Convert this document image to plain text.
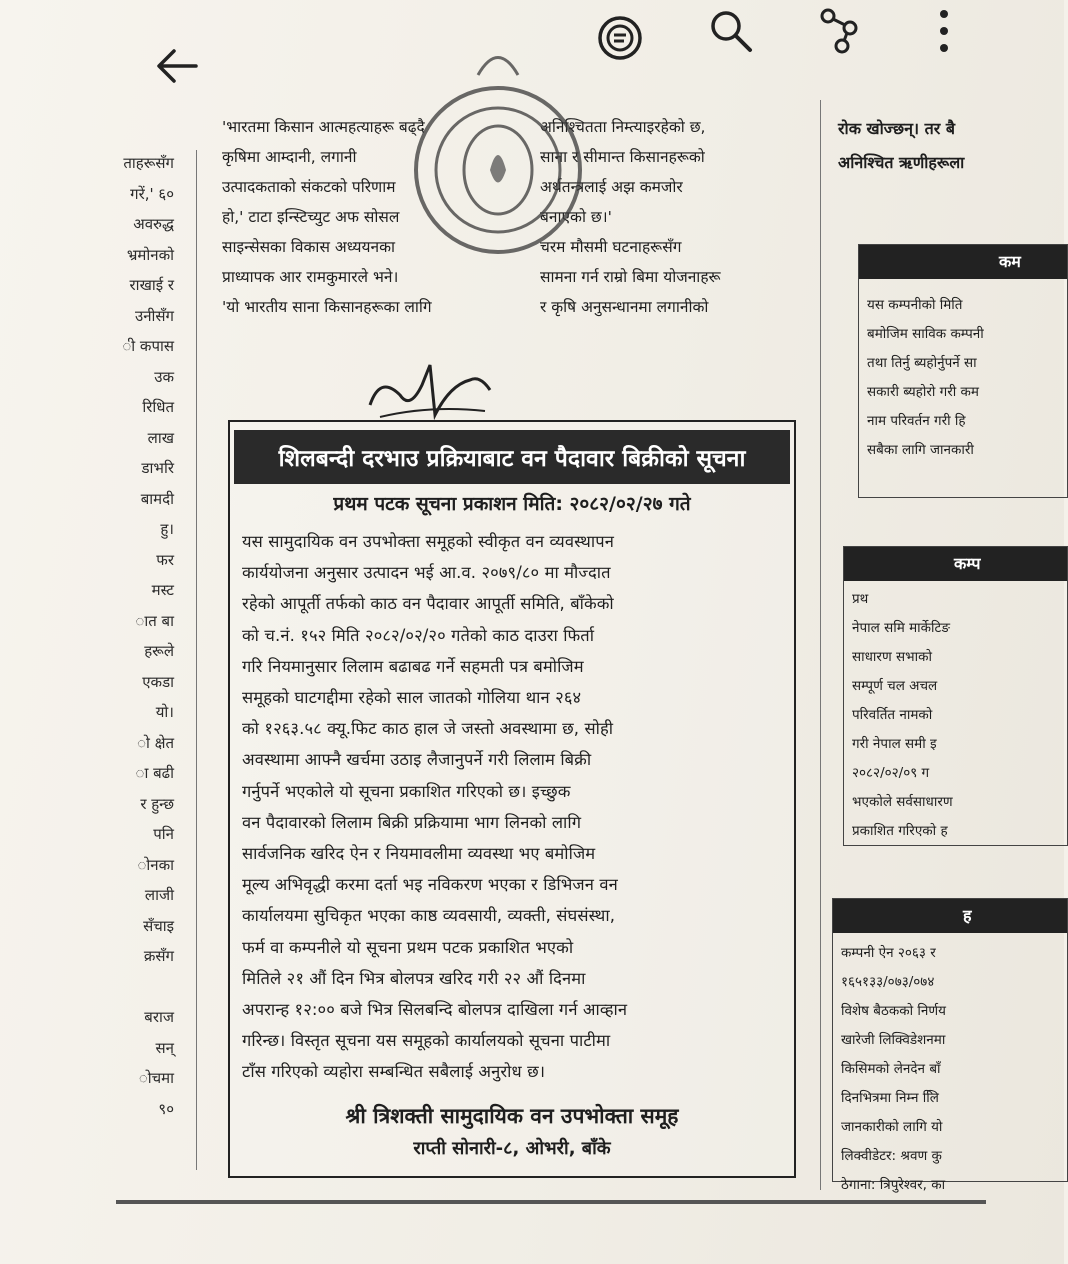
ताहरूसँग
गरें,' ६०
अवरुद्ध
भ्रमोनको
राखाई र
उनीसँग
ी कपास
उक
रिधित
लाख
डाभरि
बामदी
हु।
फर
मस्ट
ात बा
हरूले
एकडा
यो।
ो क्षेत
ा बढी
र हुन्छ
पनि
ोनका
लाजी
सँचाइ
क्रसँग

बराज
सन्
ोचमा
९०
'भारतमा किसान आत्महत्याहरू बढ्दै
कृषिमा आम्दानी, लगानी
उत्पादकताको संकटको परिणाम
हो,' टाटा इन्स्टिच्युट अफ सोसल
साइन्सेसका विकास अध्ययनका
प्राध्यापक आर रामकुमारले भने।
'यो भारतीय साना किसानहरूका लागि
अनिश्चितता निम्त्याइरहेको छ,
साना र सीमान्त किसानहरूको
अर्थतन्त्रलाई अझ कमजोर
बनाएको छ।'
चरम मौसमी घटनाहरूसँग
सामना गर्न राम्रो बिमा योजनाहरू
र कृषि अनुसन्धानमा लगानीको
रोक खोज्छन्। तर बै
अनिश्चित ऋणीहरूला
शिलबन्दी दरभाउ प्रक्रियाबाट वन पैदावार बिक्रीको सूचना
प्रथम पटक सूचना प्रकाशन मिति: २०८२/०२/२७ गते
यस सामुदायिक वन उपभोक्ता समूहको स्वीकृत वन व्यवस्थापन
कार्ययोजना अनुसार उत्पादन भई आ.व. २०७९/८० मा मौज्दात
रहेको आपूर्ती तर्फको काठ वन पैदावार आपूर्ती समिति, बाँकेको
को च.नं. १५२ मिति २०८२/०२/२० गतेको काठ दाउरा फिर्ता
गरि नियमानुसार लिलाम बढाबढ गर्ने सहमती पत्र बमोजिम
समूहको घाटगद्दीमा रहेको साल जातको गोलिया थान २६४
को १२६३.५८ क्यू.फिट काठ हाल जे जस्तो अवस्थामा छ, सोही
अवस्थामा आफ्नै खर्चमा उठाइ लैजानुपर्ने गरी लिलाम बिक्री
गर्नुपर्ने भएकोले यो सूचना प्रकाशित गरिएको छ। इच्छुक
वन पैदावारको लिलाम बिक्री प्रक्रियामा भाग लिनको लागि
सार्वजनिक खरिद ऐन र नियमावलीमा व्यवस्था भए बमोजिम
मूल्य अभिवृद्धी करमा दर्ता भइ नविकरण भएका र डिभिजन वन
कार्यालयमा सुचिकृत भएका काष्ठ व्यवसायी, व्यक्ती, संघसंस्था,
फर्म वा कम्पनीले यो सूचना प्रथम पटक प्रकाशित भएको
मितिले २१ औं दिन भित्र बोलपत्र खरिद गरी २२ औं दिनमा
अपरान्ह १२:०० बजे भित्र सिलबन्दि बोलपत्र दाखिला गर्न आव्हान
गरिन्छ। विस्तृत सूचना यस समूहको कार्यालयको सूचना पाटीमा
टाँस गरिएको व्यहोरा सम्बन्धित सबैलाई अनुरोध छ।
श्री त्रिशक्ती सामुदायिक वन उपभोक्ता समूह
राप्ती सोनारी-८, ओभरी, बाँके
कम
यस कम्पनीको मिति
बमोजिम साविक कम्पनी
तथा तिर्नु ब्यहोर्नुपर्ने सा
सकारी ब्यहोरो गरी कम
नाम परिवर्तन गरी हि
सबैका लागि जानकारी
कम्प
प्रथ
नेपाल समि मार्केटिङ
साधारण सभाको
सम्पूर्ण चल अचल
परिवर्तित नामको
गरी नेपाल समी इ
२०८२/०२/०९ ग
भएकोले सर्वसाधारण
प्रकाशित गरिएको ह
ह
कम्पनी ऐन २०६३ र
१६५१३३/०७३/०७४
विशेष बैठकको निर्णय
खारेजी लिक्विडेशनमा
किसिमको लेनदेन बाँ
दिनभित्रमा निम्न लिि
जानकारीको लागि यो
लिक्वीडेटर: श्रवण कु
ठेगाना: त्रिपुरेश्वर, का
